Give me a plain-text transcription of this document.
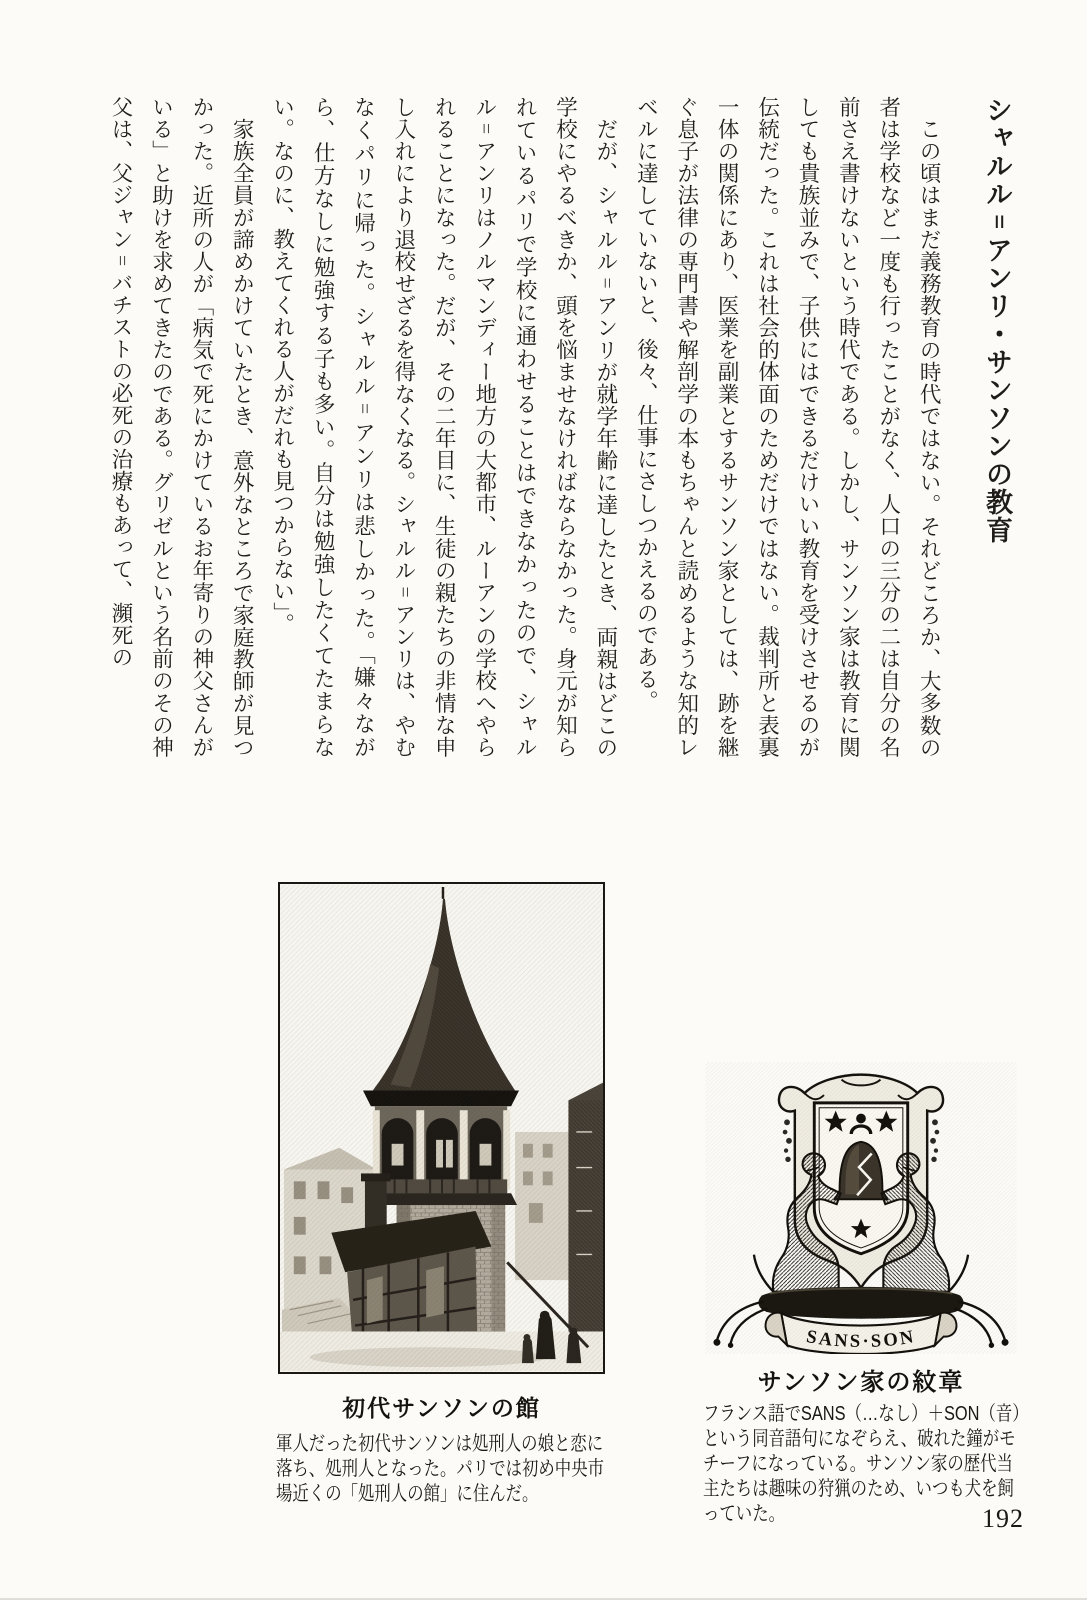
シャルル゠アンリ・サンソンの教育

この頃はまだ義務教育の時代ではない。それどころか、大多数の者は学校など一度も行ったことがなく、人口の三分の二は自分の名前さえ書けないという時代である。しかし、サンソン家は教育に関しても貴族並みで、子供にはできるだけいい教育を受けさせるのが伝統だった。これは社会的体面のためだけではない。裁判所と表裏一体の関係にあり、医業を副業とするサンソン家としては、跡を継ぐ息子が法律の専門書や解剖学の本もちゃんと読めるような知的レベルに達していないと、後々、仕事にさしつかえるのである。

だが、シャルル゠アンリが就学年齢に達したとき、両親はどこの学校にやるべきか、頭を悩ませなければならなかった。身元が知られているパリで学校に通わせることはできなかったので、シャルル゠アンリはノルマンディー地方の大都市、ルーアンの学校へやられることになった。だが、その二年目に、生徒の親たちの非情な申し入れにより退校せざるを得なくなる。シャルル゠アンリは、やむなくパリに帰った。シャルル゠アンリは悲しかった。「嫌々ながら、仕方なしに勉強する子も多い。自分は勉強したくてたまらない。なのに、教えてくれる人がだれも見つからない」。

家族全員が諦めかけていたとき、意外なところで家庭教師が見つかった。近所の人が「病気で死にかけているお年寄りの神父さんがいる」と助けを求めてきたのである。グリゼルという名前のその神父は、父ジャン゠バチストの必死の治療もあって、瀕死の

初代サンソンの館
軍人だった初代サンソンは処刑人の娘と恋に落ち、処刑人となった。パリでは初め中央市場近くの「処刑人の館」に住んだ。
SANS·SON
サンソン家の紋章
フランス語でSANS（…なし）＋SON（音）という同音語句になぞらえ、破れた鐘がモチーフになっている。サンソン家の歴代当主たちは趣味の狩猟のため、いつも犬を飼っていた。	192
